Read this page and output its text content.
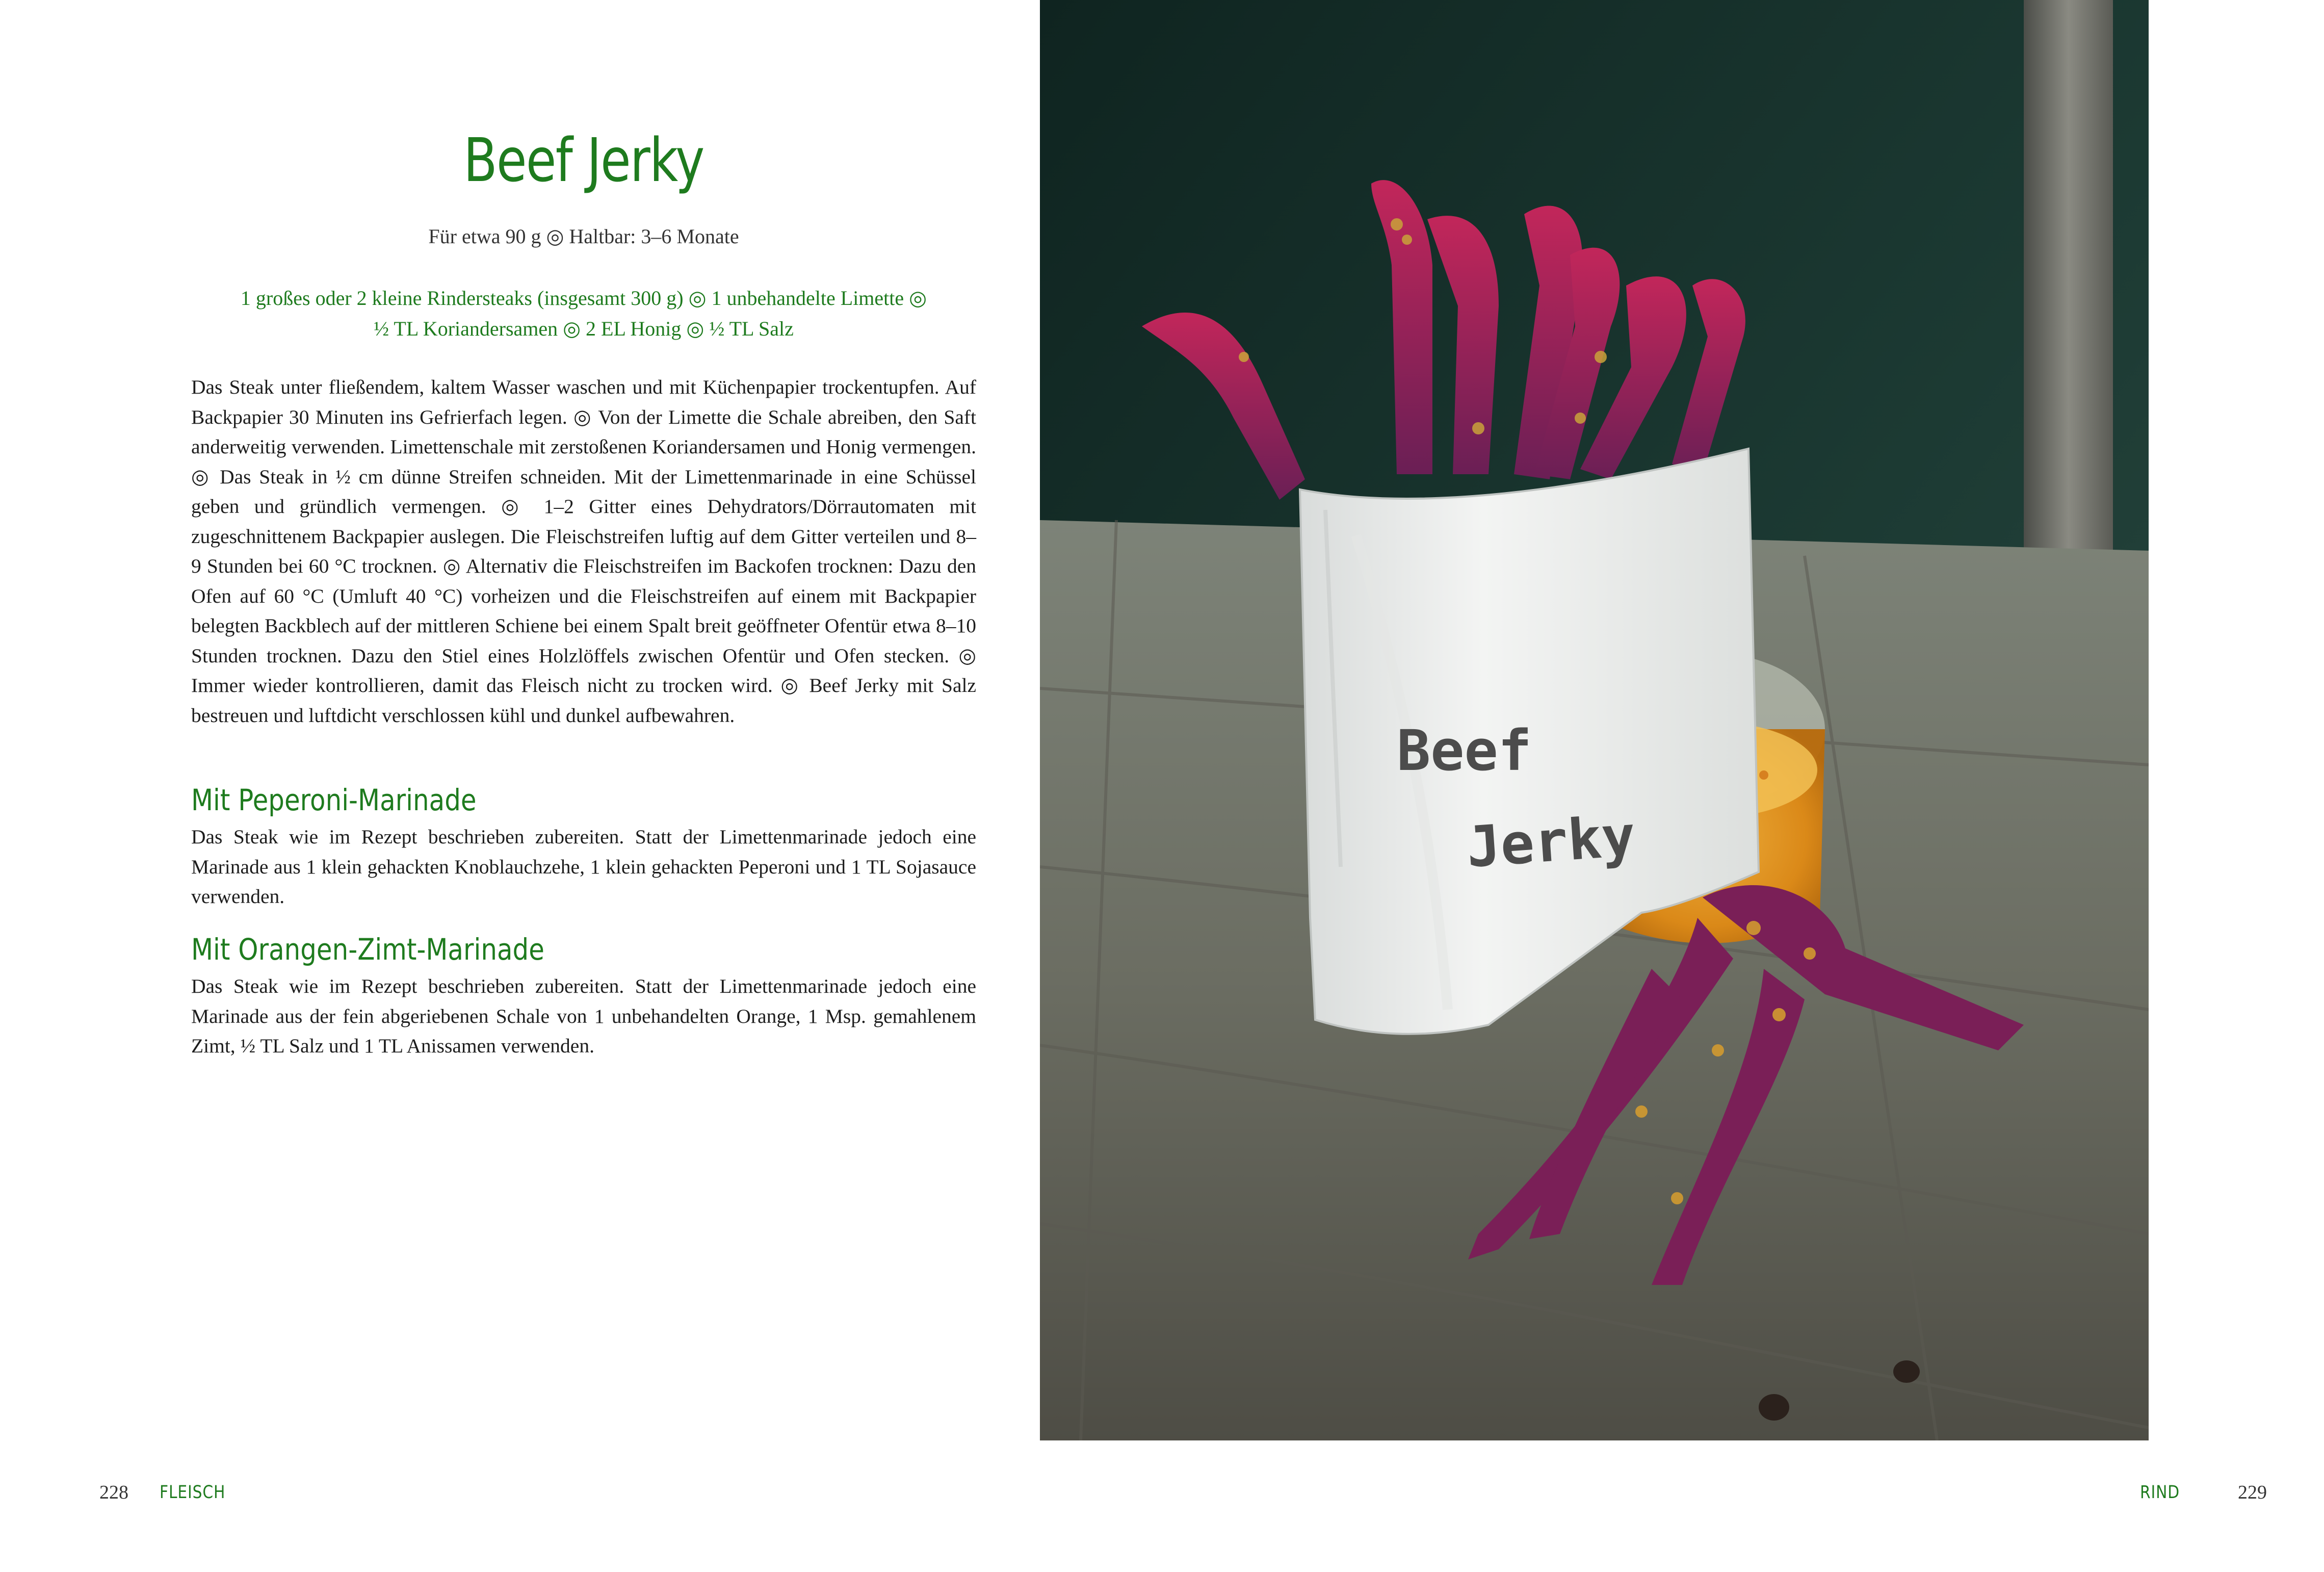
Beef Jerky
Für etwa 90 g ◎ Haltbar: 3–6 Monate
1 großes oder 2 kleine Rindersteaks (insgesamt 300 g) ◎ 1 unbehandelte Limette ◎
½ TL Koriandersamen ◎ 2 EL Honig ◎ ½ TL Salz
Das Steak unter fließendem, kaltem Wasser waschen und mit Küchenpapier trockentupfen. Auf Backpapier 30 Minuten ins Gefrierfach legen. ◎ Von der Limette die Schale abreiben, den Saft anderweitig verwenden. Limettenschale mit zerstoßenen Koriandersamen und Honig vermengen. ◎ Das Steak in ½ cm dünne Streifen schneiden. Mit der Limettenmarinade in eine Schüssel geben und gründlich vermengen. ◎ 1–2 Gitter eines Dehydrators/Dörrautomaten mit zugeschnittenem Backpapier auslegen. Die Fleischstreifen luftig auf dem Gitter verteilen und 8–9 Stunden bei 60 °C trocknen. ◎ Alternativ die Fleischstreifen im Backofen trocknen: Dazu den Ofen auf 60 °C (Umluft 40 °C) vorheizen und die Fleischstreifen auf einem mit Backpapier belegten Backblech auf der mittleren Schiene bei einem Spalt breit geöffneter Ofentür etwa 8–10 Stunden trocknen. Dazu den Stiel eines Holzlöffels zwischen Ofentür und Ofen stecken. ◎ Immer wieder kontrollieren, damit das Fleisch nicht zu trocken wird. ◎ Beef Jerky mit Salz bestreuen und luftdicht verschlossen kühl und dunkel aufbewahren.
Mit Peperoni-Marinade
Das Steak wie im Rezept beschrieben zubereiten. Statt der Limettenmarinade jedoch eine Marinade aus 1 klein gehackten Knoblauchzehe, 1 klein gehackten Peperoni und 1 TL Sojasauce verwenden.
Mit Orangen-Zimt-Marinade
Das Steak wie im Rezept beschrieben zubereiten. Statt der Limettenmarinade jedoch eine Marinade aus der fein abgeriebenen Schale von 1 unbehandelten Orange, 1 Msp. gemahlenem Zimt, ½ TL Salz und 1 TL Anissamen verwenden.
228 FLEISCH
Beef
Jerky
229
RIND
